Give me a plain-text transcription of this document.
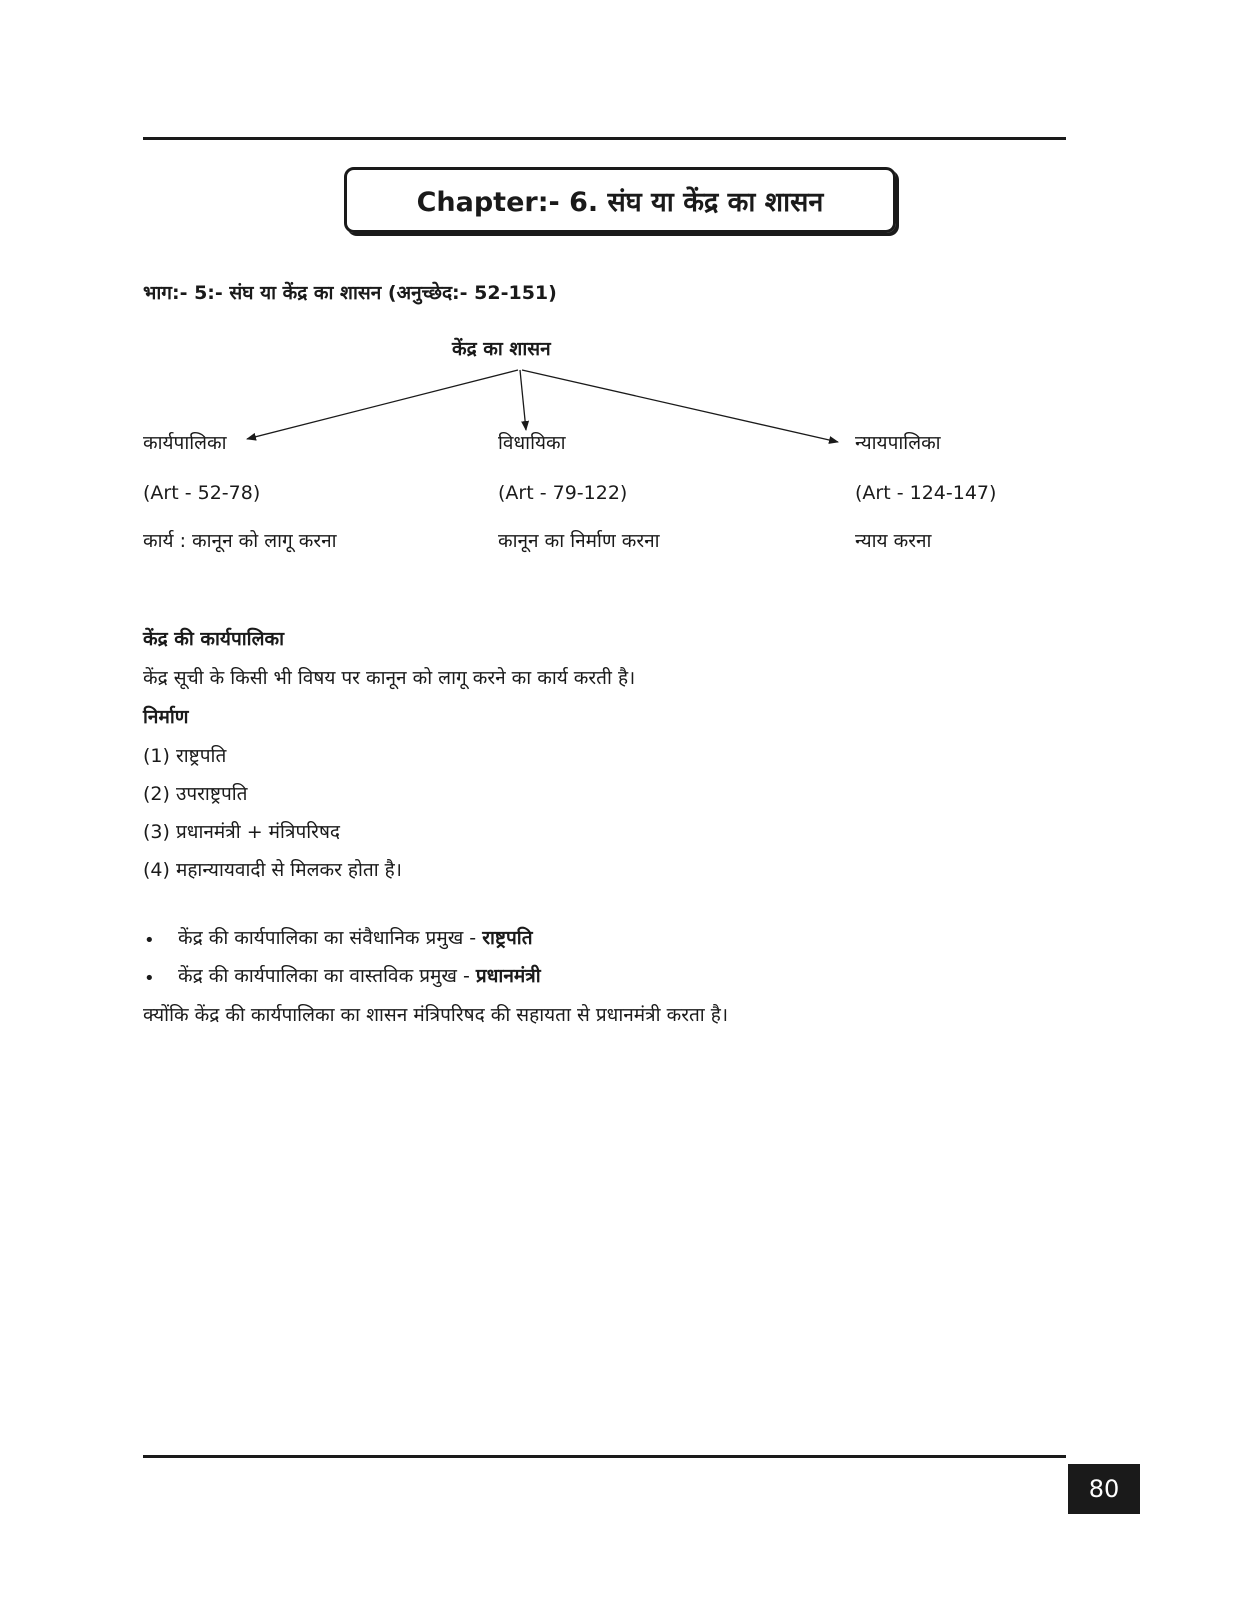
Chapter:- 6. संघ या केंद्र का शासन
भाग:- 5:- संघ या केंद्र का शासन (अनुच्छेद:- 52-151)
केंद्र का शासन
कार्यपालिका	विधायिका	न्यायपालिका
(Art - 52-78)	(Art - 79-122)	(Art - 124-147)
कार्य : कानून को लागू करना	कानून का निर्माण करना	न्याय करना
केंद्र की कार्यपालिका
केंद्र सूची के किसी भी विषय पर कानून को लागू करने का कार्य करती है।
निर्माण
(1) राष्ट्रपति
(2) उपराष्ट्रपति
(3) प्रधानमंत्री + मंत्रिपरिषद
(4) महान्यायवादी से मिलकर होता है।
• केंद्र की कार्यपालिका का संवैधानिक प्रमुख - राष्ट्रपति
• केंद्र की कार्यपालिका का वास्तविक प्रमुख - प्रधानमंत्री
क्योंकि केंद्र की कार्यपालिका का शासन मंत्रिपरिषद की सहायता से प्रधानमंत्री करता है।
80
